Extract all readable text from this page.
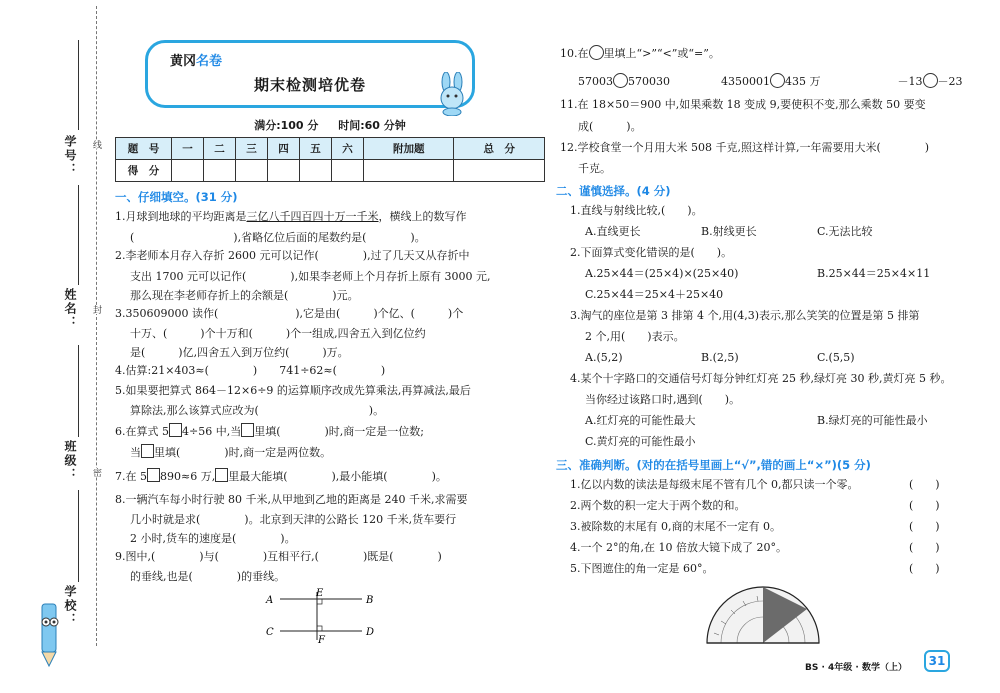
学号：
姓名：
班级：
学校：
线
封
密
黄冈名卷
期末检测培优卷
满分:100 分 时间:60 分钟
题　号	一	二	三	四	五	六	附加题	总　分
得　分								
一、仔细填空。(31 分)
1.月球到地球的平均距离是三亿八千四百四十万一千米，横线上的数写作
(　　　　　　　　　),省略亿位后面的尾数约是(　　　　)。
2.李老师本月存入存折 2600 元可以记作(　　　　),过了几天又从存折中
支出 1700 元可以记作(　　　　),如果李老师上个月存折上原有 3000 元,
那么现在李老师存折上的余额是(　　　　)元。
3.350609000 读作(　　　　　　　),它是由(　　　)个亿、(　　　)个
十万、(　　　)个十万和(　　　)个一组成,四舍五入到亿位约
是(　　　)亿,四舍五入到万位约(　　　)万。
4.估算:21×403≈(　　　　)　　741÷62≈(　　　　)
5.如果要把算式 864－12×6÷9 的运算顺序改成先算乘法,再算减法,最后
算除法,那么该算式应改为(　　　　　　　　　　)。
6.在算式 5 4÷56 中,当 里填(　　　　)时,商一定是一位数;
当 里填(　　　　)时,商一定是两位数。
7.在 5 890≈6 万, 里最大能填(　　　　),最小能填(　　　　)。
8.一辆汽车每小时行驶 80 千米,从甲地到乙地的距离是 240 千米,求需要
几小时就是求(　　　　)。北京到天津的公路长 120 千米,货车要行
2 小时,货车的速度是(　　　　)。
9.图中,(　　　　)与(　　　　)互相平行,(　　　　)既是(　　　　)
的垂线,也是(　　　　)的垂线。
A	B
C	D
E
F
10.在 里填上“>”“<”或“=”。
57003 570030	4350001 435 万	－13 －23
11.在 18×50＝900 中,如果乘数 18 变成 9,要使积不变,那么乘数 50 要变
成(　　　)。
12.学校食堂一个月用大米 508 千克,照这样计算,一年需要用大米(　　　　)
千克。
二、谨慎选择。(4 分)
1.直线与射线比较,(　　)。
A.直线更长	B.射线更长	C.无法比较
2.下面算式变化错误的是(　　)。
A.25×44＝(25×4)×(25×40)	B.25×44＝25×4×11
C.25×44＝25×4＋25×40
3.淘气的座位是第 3 排第 4 个,用(4,3)表示,那么笑笑的位置是第 5 排第
2 个,用(　　)表示。
A.(5,2)	B.(2,5)	C.(5,5)
4.某个十字路口的交通信号灯每分钟红灯亮 25 秒,绿灯亮 30 秒,黄灯亮 5 秒。
当你经过该路口时,遇到(　　)。
A.红灯亮的可能性最大	B.绿灯亮的可能性最小
C.黄灯亮的可能性最小
三、准确判断。(对的在括号里画上“√”,错的画上“×”)(5 分)
1.亿以内数的读法是每级末尾不管有几个 0,都只读一个零。
2.两个数的积一定大于两个数的和。
3.被除数的末尾有 0,商的末尾不一定有 0。
4.一个 2°的角,在 10 倍放大镜下成了 20°。
5.下图遮住的角一定是 60°。
(　　)
(　　)
(　　)
(　　)
(　　)
BS · 4年级 · 数学（上）	31
